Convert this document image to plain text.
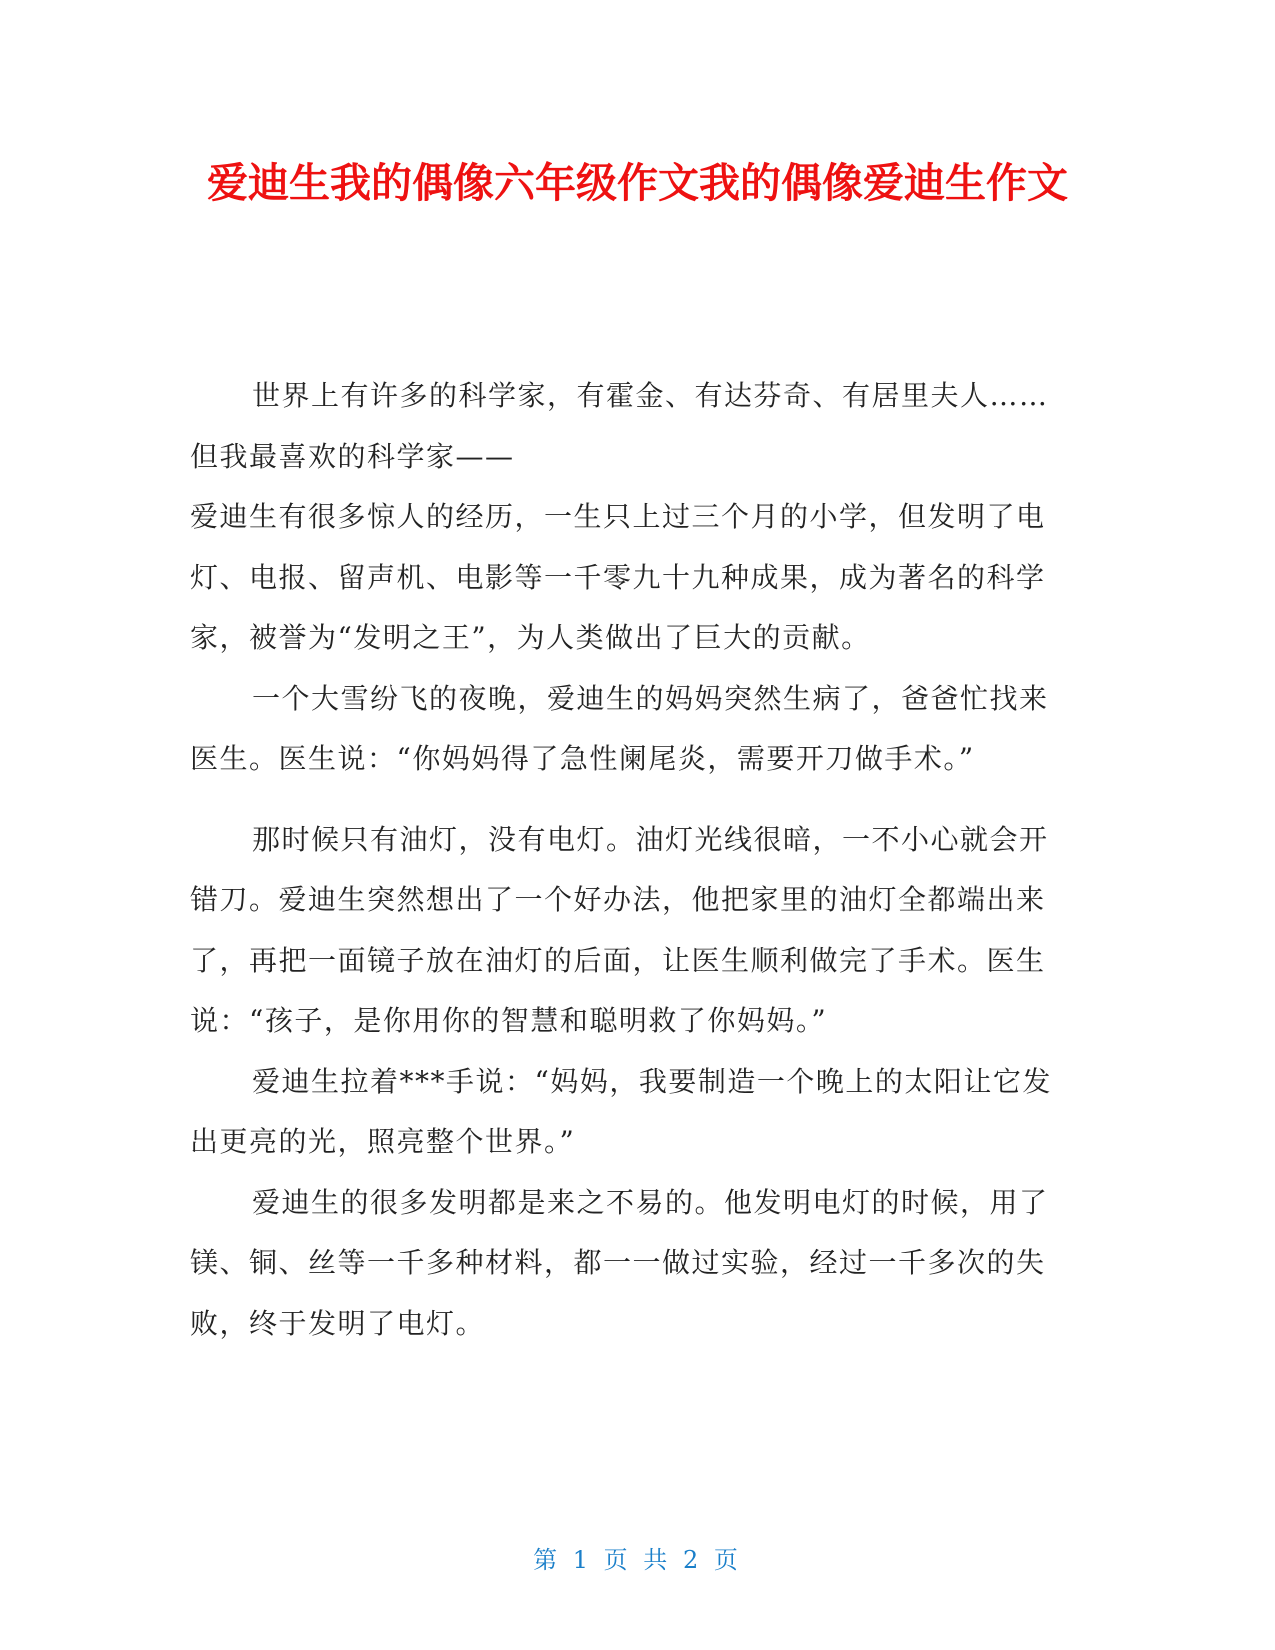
爱迪生我的偶像六年级作文我的偶像爱迪生作文

世界上有许多的科学家，有霍金、有达芬奇、有居里夫人……但我最喜欢的科学家——

爱迪生有很多惊人的经历，一生只上过三个月的小学，但发明了电灯、电报、留声机、电影等一千零九十九种成果，成为著名的科学家，被誉为“发明之王”，为人类做出了巨大的贡献。

一个大雪纷飞的夜晚，爱迪生的妈妈突然生病了，爸爸忙找来医生。医生说：“你妈妈得了急性阑尾炎，需要开刀做手术。”

那时候只有油灯，没有电灯。油灯光线很暗，一不小心就会开错刀。爱迪生突然想出了一个好办法，他把家里的油灯全都端出来了，再把一面镜子放在油灯的后面，让医生顺利做完了手术。医生说：“孩子，是你用你的智慧和聪明救了你妈妈。”

爱迪生拉着***手说：“妈妈，我要制造一个晚上的太阳让它发出更亮的光，照亮整个世界。”

爱迪生的很多发明都是来之不易的。他发明电灯的时候，用了镁、铜、丝等一千多种材料，都一一做过实验，经过一千多次的失败，终于发明了电灯。

第 1 页 共 2 页
